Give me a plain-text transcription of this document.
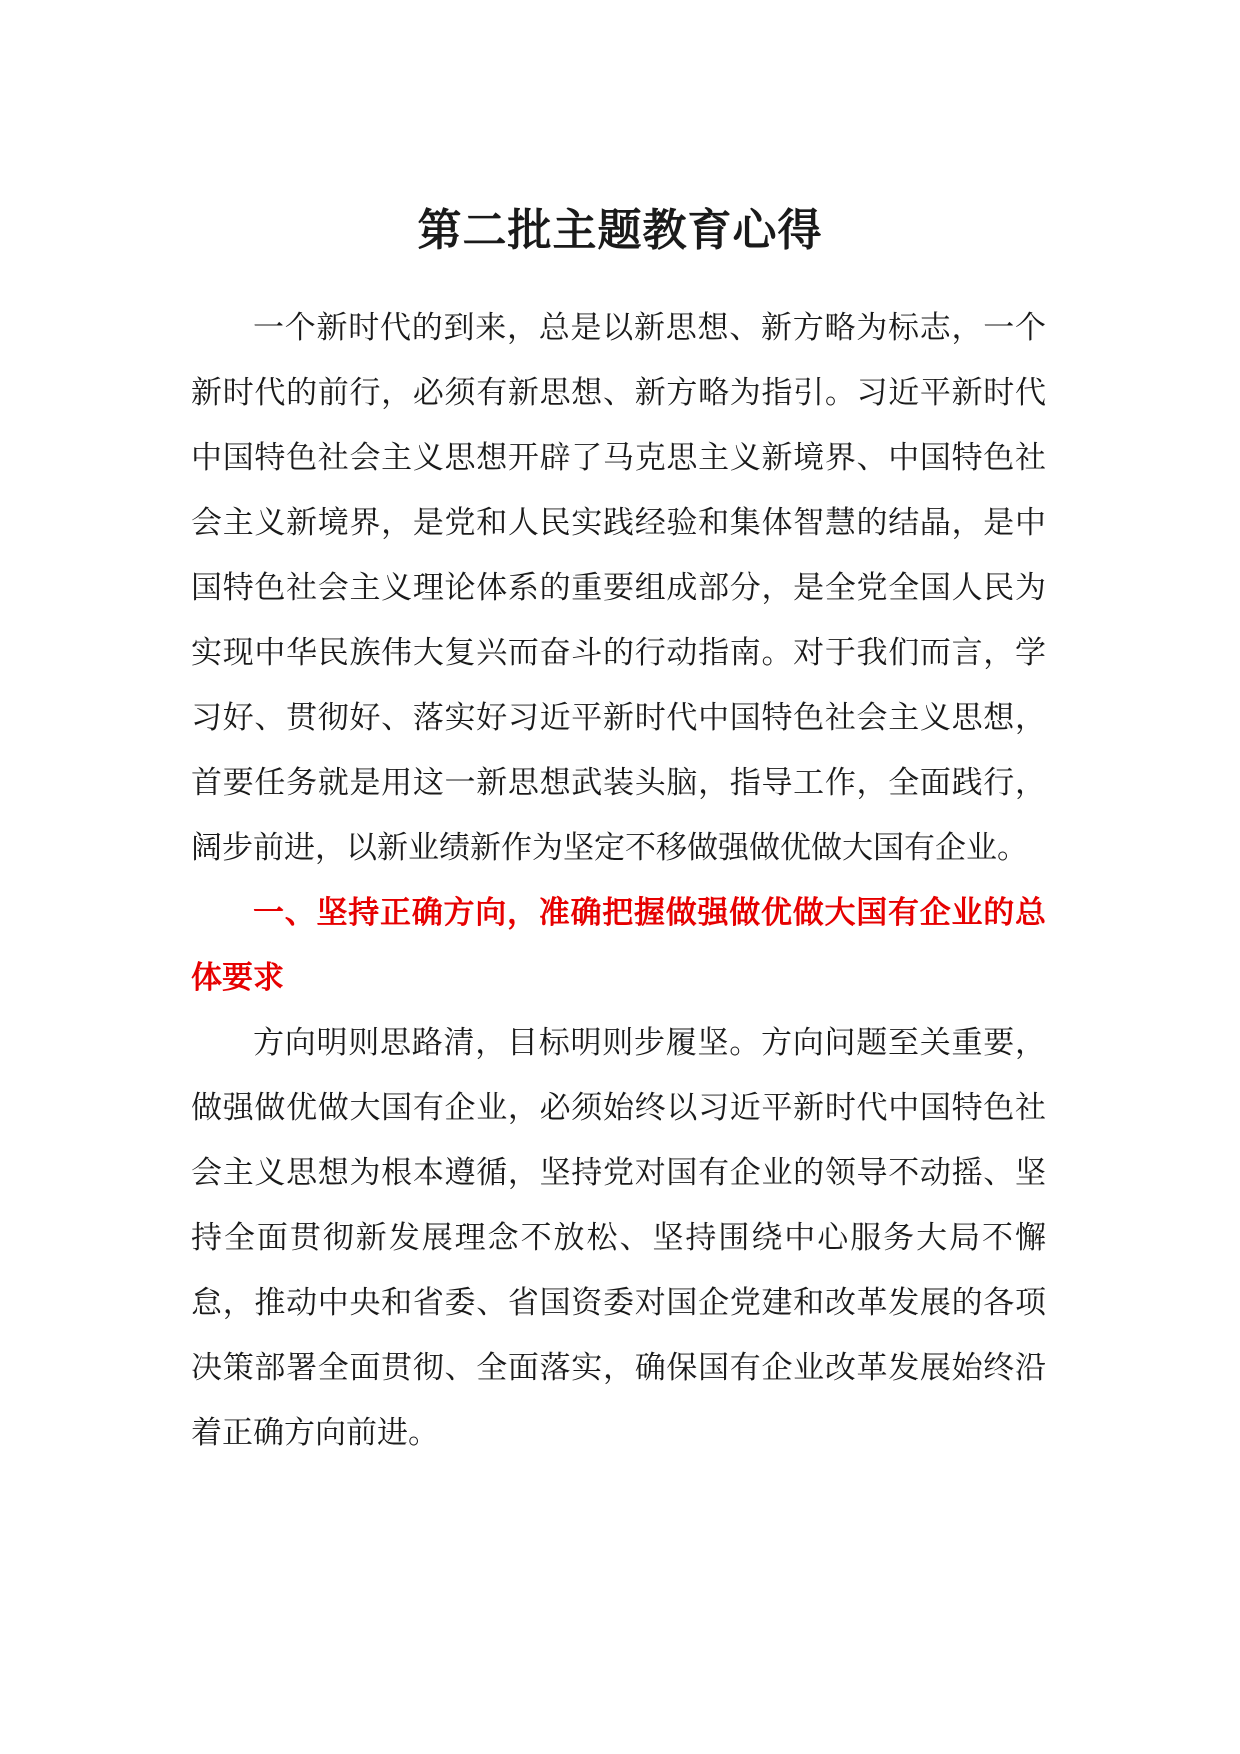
第二批主题教育心得

一个新时代的到来，总是以新思想、新方略为标志，一个新时代的前行，必须有新思想、新方略为指引。习近平新时代中国特色社会主义思想开辟了马克思主义新境界、中国特色社会主义新境界，是党和人民实践经验和集体智慧的结晶，是中国特色社会主义理论体系的重要组成部分，是全党全国人民为实现中华民族伟大复兴而奋斗的行动指南。对于我们而言，学习好、贯彻好、落实好习近平新时代中国特色社会主义思想，首要任务就是用这一新思想武装头脑，指导工作，全面践行，阔步前进，以新业绩新作为坚定不移做强做优做大国有企业。

一、坚持正确方向，准确把握做强做优做大国有企业的总体要求

方向明则思路清，目标明则步履坚。方向问题至关重要，做强做优做大国有企业，必须始终以习近平新时代中国特色社会主义思想为根本遵循，坚持党对国有企业的领导不动摇、坚持全面贯彻新发展理念不放松、坚持围绕中心服务大局不懈怠，推动中央和省委、省国资委对国企党建和改革发展的各项决策部署全面贯彻、全面落实，确保国有企业改革发展始终沿着正确方向前进。
